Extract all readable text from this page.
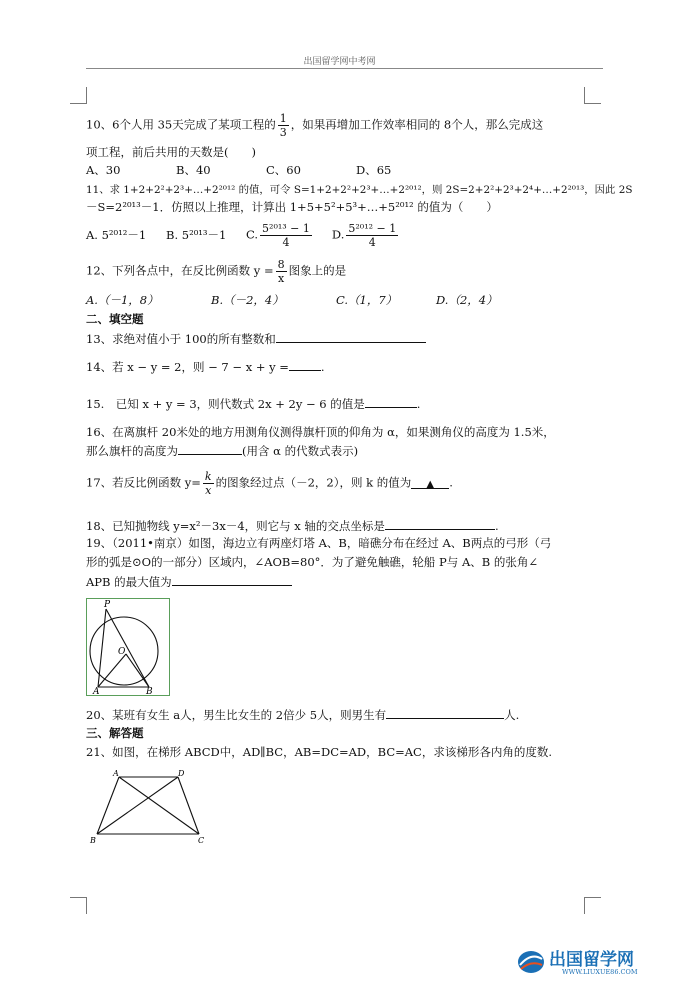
出国留学网中考网
10、6个人用 35天完成了某项工程的 $\frac{1}{3}$ ，如果再增加工作效率相同的 8个人，那么完成这
项工程，前后共用的天数是(　　)
A、30	B、40	C、60	D、65
11、求 1+2+2²+2³+…+2²⁰¹² 的值，可令 S=1+2+2²+2³+…+2²⁰¹²，则 2S=2+2²+2³+2⁴+…+2²⁰¹³，因此 2S
－S=2²⁰¹³－1．仿照以上推理，计算出 1+5+5²+5³+…+5²⁰¹² 的值为（　　）
A. 5²⁰¹²－1 B. 5²⁰¹³－1 C. $\frac{\text{5²⁰¹³ − 1}}{4} D$. $\frac{\text{5²⁰¹² − 1}}{4}$
12、下列各点中，在反比例函数 $y = \frac{8}{x}$ 图象上的是
A.（－1，8）	B.（－2，4）	C.（1，7）	D.（2，4）
二、填空题
13、求绝对值小于 100的所有整数和
14、若 x − y = 2，则 − 7 − x + y =	.
15.　已知 x + y = 3，则代数式 2x + 2y − 6 的值是	.
16、在离旗杆 20米处的地方用测角仪测得旗杆顶的仰角为 α，如果测角仪的高度为 1.5米，
那么旗杆的高度为	(用含 α 的代数式表示)
17、若反比例函数 $y= \frac{k}{x}$ 的图象经过点（－2，2），则 k 的值为 ▲ .
18、已知抛物线 y=x²－3x－4，则它与 x 轴的交点坐标是	.
19、（2011•南京）如图，海边立有两座灯塔 A、B，暗礁分布在经过 A、B两点的弓形（弓
形的弧是⊙O的一部分）区域内，∠AOB=80°．为了避免触礁，轮船 P与 A、B 的张角∠
APB 的最大值为
P
O
A	B
20、某班有女生 a人，男生比女生的 2倍少 5人，则男生有	人.
三、解答题
21、如图，在梯形 ABCD中，AD∥BC，AB=DC=AD，BC=AC，求该梯形各内角的度数.
A	D
B	C
出国留学网
WWW.LIUXUE86.COM
